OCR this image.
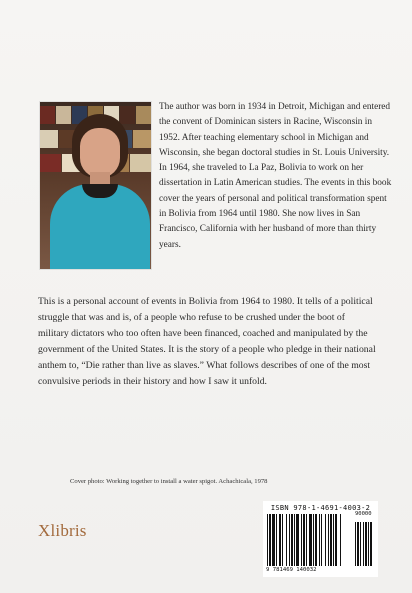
The author was born in 1934 in Detroit, Michigan and entered the convent of Dominican sisters in Racine, Wisconsin in 1952. After teaching elementary school in Michigan and Wisconsin, she began doctoral studies in St. Louis University. In 1964, she traveled to La Paz, Bolivia to work on her dissertation in Latin American studies. The events in this book cover the years of personal and political transformation spent in Bolivia from 1964 until 1980. She now lives in San Francisco, California with her husband of more than thirty years.

This is a personal account of events in Bolivia from 1964 to 1980. It tells of a political struggle that was and is, of a people who refuse to be crushed under the boot of military dictators who too often have been financed, coached and manipulated by the government of the United States. It is the story of a people who pledge in their national anthem to, “Die rather than live as slaves.” What follows describes of one of the most convulsive periods in their history and how I saw it unfold.

Cover photo: Working together to install a water spigot. Achachicala, 1978

Xlibris
ISBN 978-1-4691-4003-2
90000
9 781469 140032
